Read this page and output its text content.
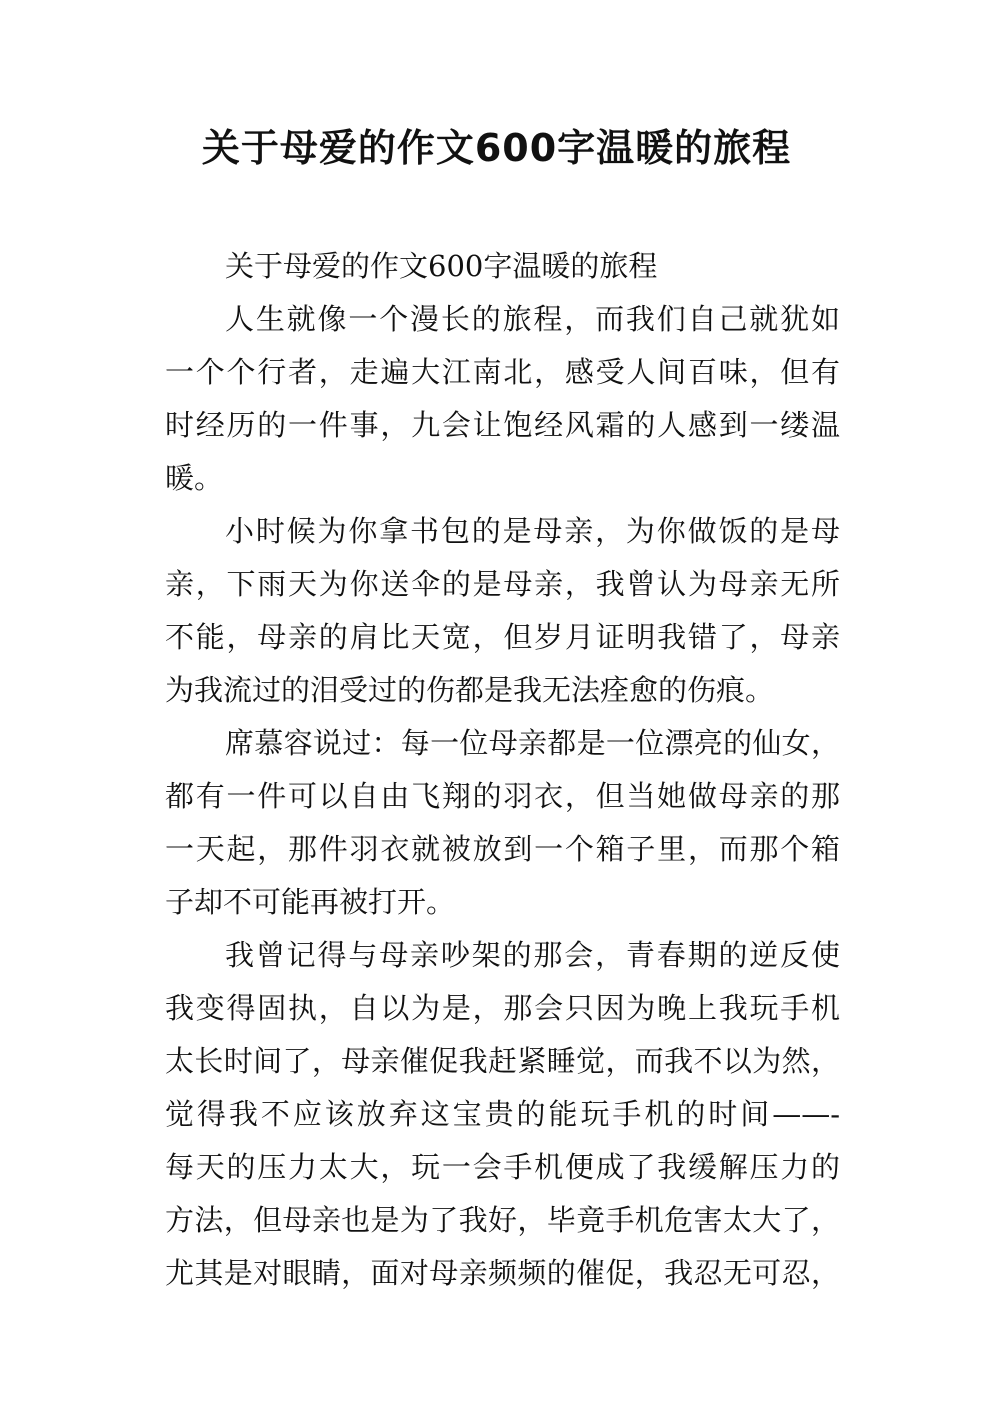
关于母爱的作文600字温暖的旅程
关于母爱的作文600字温暖的旅程
人生就像一个漫长的旅程，而我们自己就犹如
一个个行者，走遍大江南北，感受人间百味，但有
时经历的一件事，九会让饱经风霜的人感到一缕温
暖。
小时候为你拿书包的是母亲，为你做饭的是母
亲，下雨天为你送伞的是母亲，我曾认为母亲无所
不能，母亲的肩比天宽，但岁月证明我错了，母亲
为我流过的泪受过的伤都是我无法痊愈的伤痕。
席慕容说过：每一位母亲都是一位漂亮的仙女，
都有一件可以自由飞翔的羽衣，但当她做母亲的那
一天起，那件羽衣就被放到一个箱子里，而那个箱
子却不可能再被打开。
我曾记得与母亲吵架的那会，青春期的逆反使
我变得固执，自以为是，那会只因为晚上我玩手机
太长时间了，母亲催促我赶紧睡觉，而我不以为然，
觉得我不应该放弃这宝贵的能玩手机的时间——-
每天的压力太大，玩一会手机便成了我缓解压力的
方法，但母亲也是为了我好，毕竟手机危害太大了，
尤其是对眼睛，面对母亲频频的催促，我忍无可忍，
